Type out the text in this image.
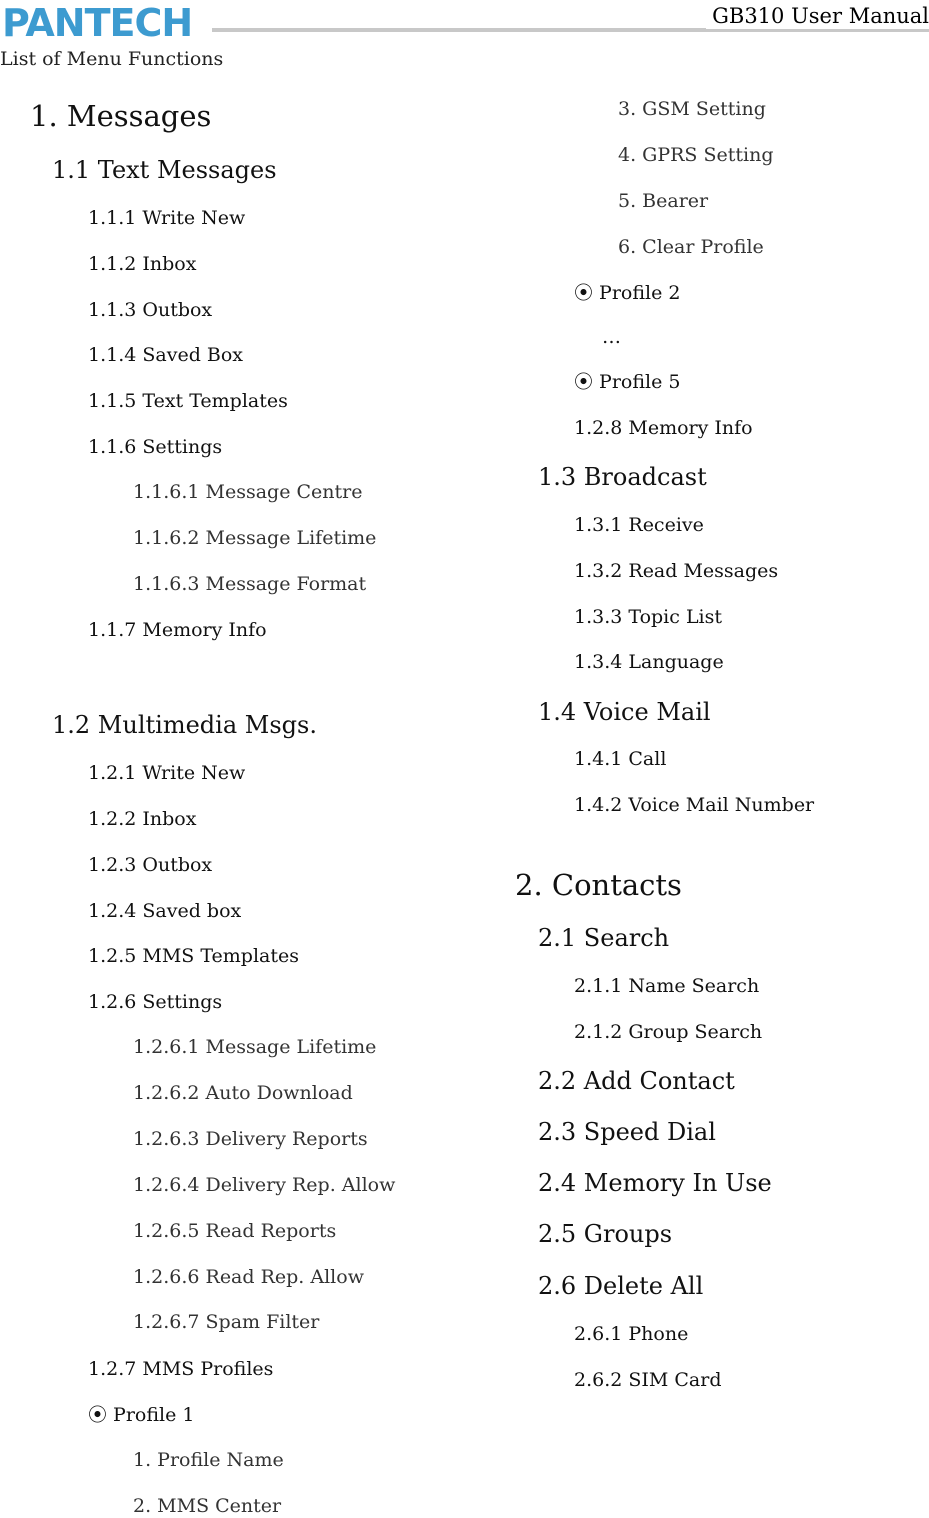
PANTECH	GB310 User Manual
List of Menu Functions
1. Messages
1.1 Text Messages
1.1.1 Write New
1.1.2 Inbox
1.1.3 Outbox
1.1.4 Saved Box
1.1.5 Text Templates
1.1.6 Settings
1.1.6.1 Message Centre
1.1.6.2 Message Lifetime
1.1.6.3 Message Format
1.1.7 Memory Info
1.2 Multimedia Msgs.
1.2.1 Write New
1.2.2 Inbox
1.2.3 Outbox
1.2.4 Saved box
1.2.5 MMS Templates
1.2.6 Settings
1.2.6.1 Message Lifetime
1.2.6.2 Auto Download
1.2.6.3 Delivery Reports
1.2.6.4 Delivery Rep. Allow
1.2.6.5 Read Reports
1.2.6.6 Read Rep. Allow
1.2.6.7 Spam Filter
1.2.7 MMS Profiles
⦿ Profile 1
1. Profile Name
2. MMS Center
3. GSM Setting
4. GPRS Setting
5. Bearer
6. Clear Profile
⦿ Profile 2
…
⦿ Profile 5
1.2.8 Memory Info
1.3 Broadcast
1.3.1 Receive
1.3.2 Read Messages
1.3.3 Topic List
1.3.4 Language
1.4 Voice Mail
1.4.1 Call
1.4.2 Voice Mail Number
2. Contacts
2.1 Search
2.1.1 Name Search
2.1.2 Group Search
2.2 Add Contact
2.3 Speed Dial
2.4 Memory In Use
2.5 Groups
2.6 Delete All
2.6.1 Phone
2.6.2 SIM Card
